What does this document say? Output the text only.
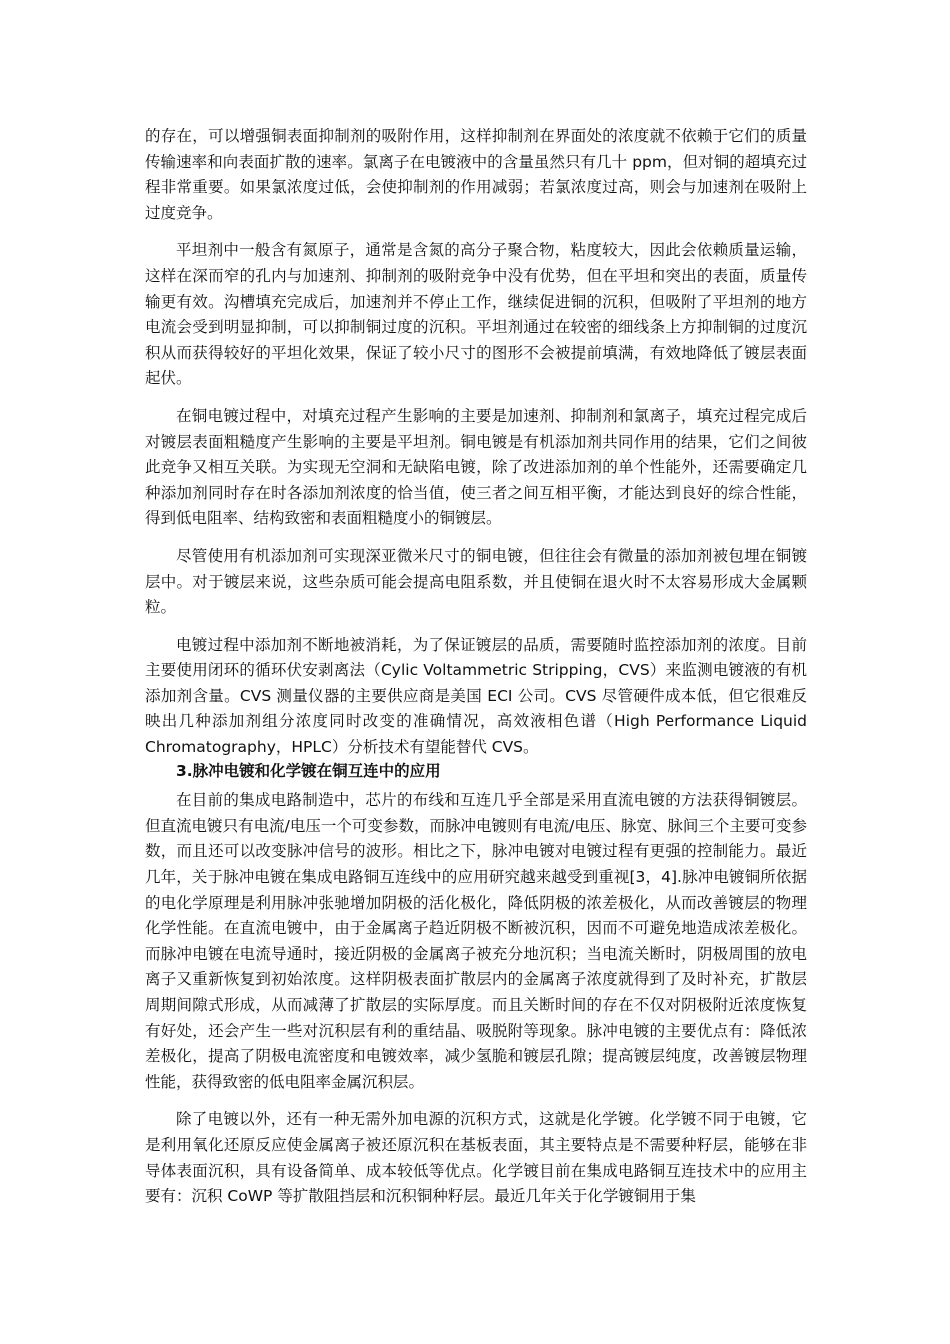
的存在，可以增强铜表面抑制剂的吸附作用，这样抑制剂在界面处的浓度就不依赖于它们的质量传输速率和向表面扩散的速率。氯离子在电镀液中的含量虽然只有几十 ppm，但对铜的超填充过程非常重要。如果氯浓度过低，会使抑制剂的作用减弱；若氯浓度过高，则会与加速剂在吸附上过度竞争。

平坦剂中一般含有氮原子，通常是含氮的高分子聚合物，粘度较大，因此会依赖质量运输，这样在深而窄的孔内与加速剂、抑制剂的吸附竞争中没有优势，但在平坦和突出的表面，质量传输更有效。沟槽填充完成后，加速剂并不停止工作，继续促进铜的沉积，但吸附了平坦剂的地方电流会受到明显抑制，可以抑制铜过度的沉积。平坦剂通过在较密的细线条上方抑制铜的过度沉积从而获得较好的平坦化效果，保证了较小尺寸的图形不会被提前填满，有效地降低了镀层表面起伏。

在铜电镀过程中，对填充过程产生影响的主要是加速剂、抑制剂和氯离子，填充过程完成后对镀层表面粗糙度产生影响的主要是平坦剂。铜电镀是有机添加剂共同作用的结果，它们之间彼此竞争又相互关联。为实现无空洞和无缺陷电镀，除了改进添加剂的单个性能外，还需要确定几种添加剂同时存在时各添加剂浓度的恰当值，使三者之间互相平衡，才能达到良好的综合性能，得到低电阻率、结构致密和表面粗糙度小的铜镀层。

尽管使用有机添加剂可实现深亚微米尺寸的铜电镀，但往往会有微量的添加剂被包埋在铜镀层中。对于镀层来说，这些杂质可能会提高电阻系数，并且使铜在退火时不太容易形成大金属颗粒。

电镀过程中添加剂不断地被消耗，为了保证镀层的品质，需要随时监控添加剂的浓度。目前主要使用闭环的循环伏安剥离法（Cylic Voltammetric Stripping，CVS）来监测电镀液的有机添加剂含量。CVS 测量仪器的主要供应商是美国 ECI 公司。CVS 尽管硬件成本低，但它很难反映出几种添加剂组分浓度同时改变的准确情况，高效液相色谱（High Performance Liquid Chromatography，HPLC）分析技术有望能替代 CVS。

3.脉冲电镀和化学镀在铜互连中的应用

在目前的集成电路制造中，芯片的布线和互连几乎全部是采用直流电镀的方法获得铜镀层。但直流电镀只有电流/电压一个可变参数，而脉冲电镀则有电流/电压、脉宽、脉间三个主要可变参数，而且还可以改变脉冲信号的波形。相比之下，脉冲电镀对电镀过程有更强的控制能力。最近几年，关于脉冲电镀在集成电路铜互连线中的应用研究越来越受到重视[3，4].脉冲电镀铜所依据的电化学原理是利用脉冲张驰增加阴极的活化极化，降低阴极的浓差极化，从而改善镀层的物理化学性能。在直流电镀中，由于金属离子趋近阴极不断被沉积，因而不可避免地造成浓差极化。而脉冲电镀在电流导通时，接近阴极的金属离子被充分地沉积；当电流关断时，阴极周围的放电离子又重新恢复到初始浓度。这样阴极表面扩散层内的金属离子浓度就得到了及时补充，扩散层周期间隙式形成，从而减薄了扩散层的实际厚度。而且关断时间的存在不仅对阴极附近浓度恢复有好处，还会产生一些对沉积层有利的重结晶、吸脱附等现象。脉冲电镀的主要优点有：降低浓差极化，提高了阴极电流密度和电镀效率，减少氢脆和镀层孔隙；提高镀层纯度，改善镀层物理性能，获得致密的低电阻率金属沉积层。

除了电镀以外，还有一种无需外加电源的沉积方式，这就是化学镀。化学镀不同于电镀，它是利用氧化还原反应使金属离子被还原沉积在基板表面，其主要特点是不需要种籽层，能够在非导体表面沉积，具有设备简单、成本较低等优点。化学镀目前在集成电路铜互连技术中的应用主要有：沉积 CoWP 等扩散阻挡层和沉积铜种籽层。最近几年关于化学镀铜用于集
